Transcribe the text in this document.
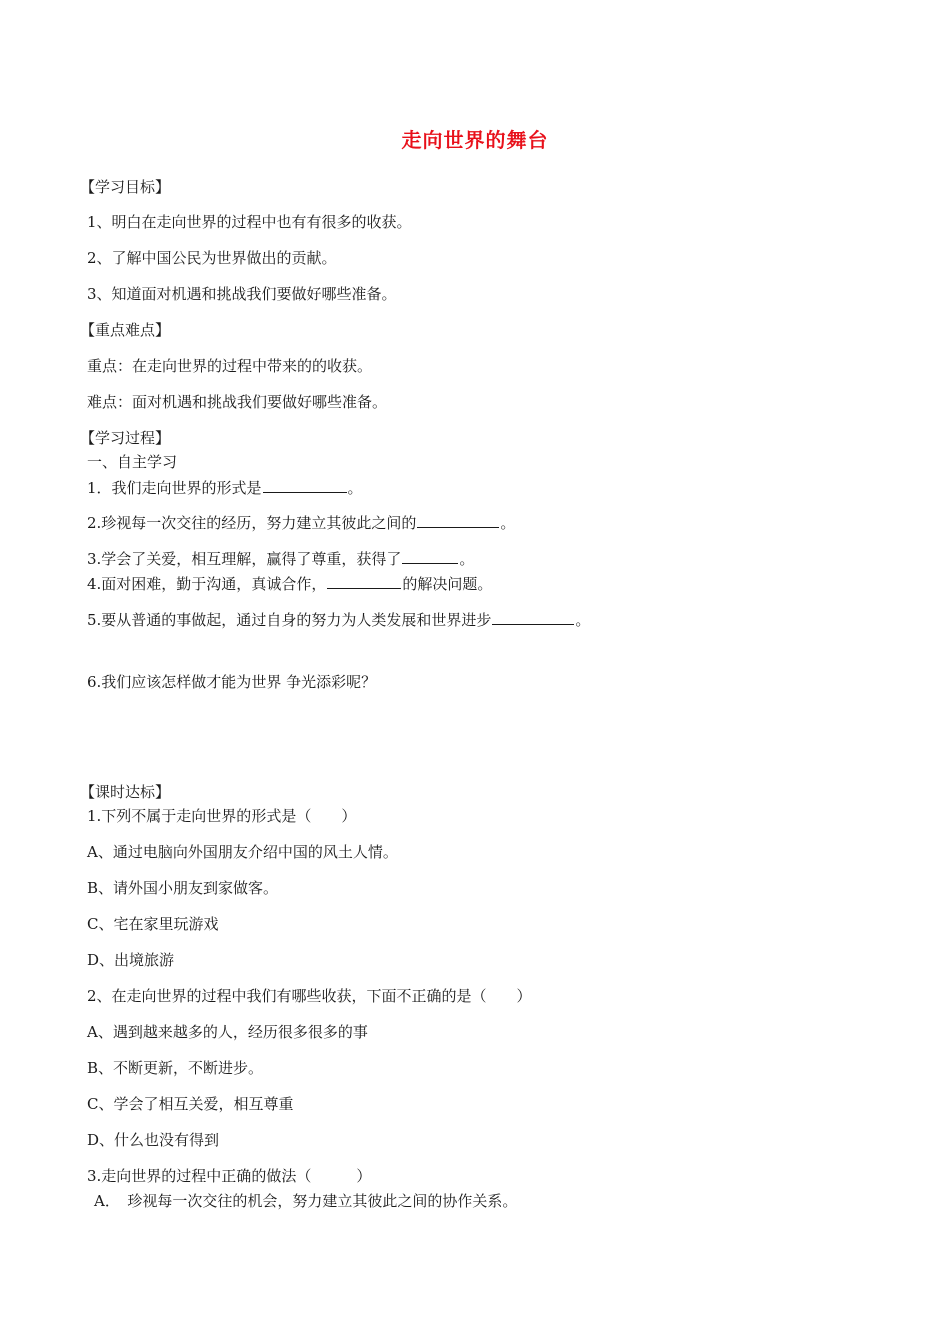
走向世界的舞台
【学习目标】
1、明白在走向世界的过程中也有有很多的收获。
2、了解中国公民为世界做出的贡献。
3、知道面对机遇和挑战我们要做好哪些准备。
【重点难点】
重点：在走向世界的过程中带来的的收获。
难点：面对机遇和挑战我们要做好哪些准备。
【学习过程】
一、自主学习
1．我们走向世界的形式是	。
2.珍视每一次交往的经历，努力建立其彼此之间的	。
3.学会了关爱，相互理解，赢得了尊重，获得了	。
4.面对困难，勤于沟通，真诚合作，	的解决问题。
5.要从普通的事做起，通过自身的努力为人类发展和世界进步	。
6.我们应该怎样做才能为世界 争光添彩呢？
【课时达标】
1.下列不属于走向世界的形式是（　　）
A、通过电脑向外国朋友介绍中国的风土人情。
B、请外国小朋友到家做客。
C、宅在家里玩游戏
D、出境旅游
2、在走向世界的过程中我们有哪些收获，下面不正确的是（　　）
A、遇到越来越多的人，经历很多很多的事
B、不断更新，不断进步。
C、学会了相互关爱，相互尊重
D、什么也没有得到
3.走向世界的过程中正确的做法（　　　）
A．　珍视每一次交往的机会，努力建立其彼此之间的协作关系。
